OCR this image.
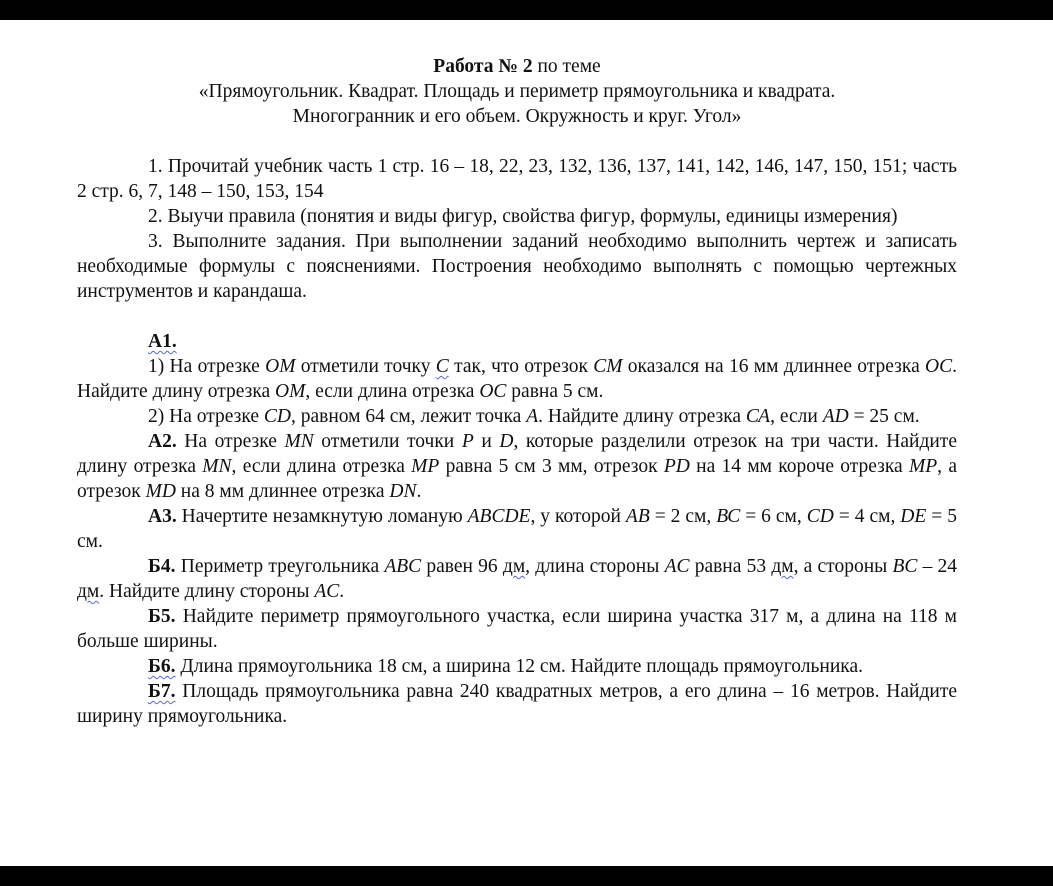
Работа № 2 по теме
«Прямоугольник. Квадрат. Площадь и периметр прямоугольника и квадрата.
Многогранник и его объем. Окружность и круг. Угол»

1. Прочитай учебник часть 1 стр. 16 – 18, 22, 23, 132, 136, 137, 141, 142, 146, 147, 150, 151; часть 2 стр. 6, 7, 148 – 150, 153, 154

2. Выучи правила (понятия и виды фигур, свойства фигур, формулы, единицы измерения)

3. Выполните задания. При выполнении заданий необходимо выполнить чертеж и записать необходимые формулы с пояснениями. Построения необходимо выполнять с помощью чертежных инструментов и карандаша.

А1.

1) На отрезке ОМ отметили точку С так, что отрезок СМ оказался на 16 мм длиннее отрезка ОС. Найдите длину отрезка ОМ, если длина отрезка ОС равна 5 см.

2) На отрезке CD, равном 64 см, лежит точка А. Найдите длину отрезка СА, если AD = 25 см.

А2. На отрезке MN отметили точки Р и D, которые разделили отрезок на три части. Найдите длину отрезка MN, если длина отрезка МР равна 5 см 3 мм, отрезок PD на 14 мм короче отрезка МР, а отрезок MD на 8 мм длиннее отрезка DN.

А3. Начертите незамкнутую ломаную ABCDE, у которой АВ = 2 см, ВС = 6 см, CD = 4 см, DE = 5 см.

Б4. Периметр треугольника ABC равен 96 дм, длина стороны AC равна 53 дм, а стороны BC – 24 дм. Найдите длину стороны AC.

Б5. Найдите периметр прямоугольного участка, если ширина участка 317 м, а длина на 118 м больше ширины.

Б6. Длина прямоугольника 18 см, а ширина 12 см. Найдите площадь прямоугольника.

Б7. Площадь прямоугольника равна 240 квадратных метров, а его длина – 16 метров. Найдите ширину прямоугольника.
